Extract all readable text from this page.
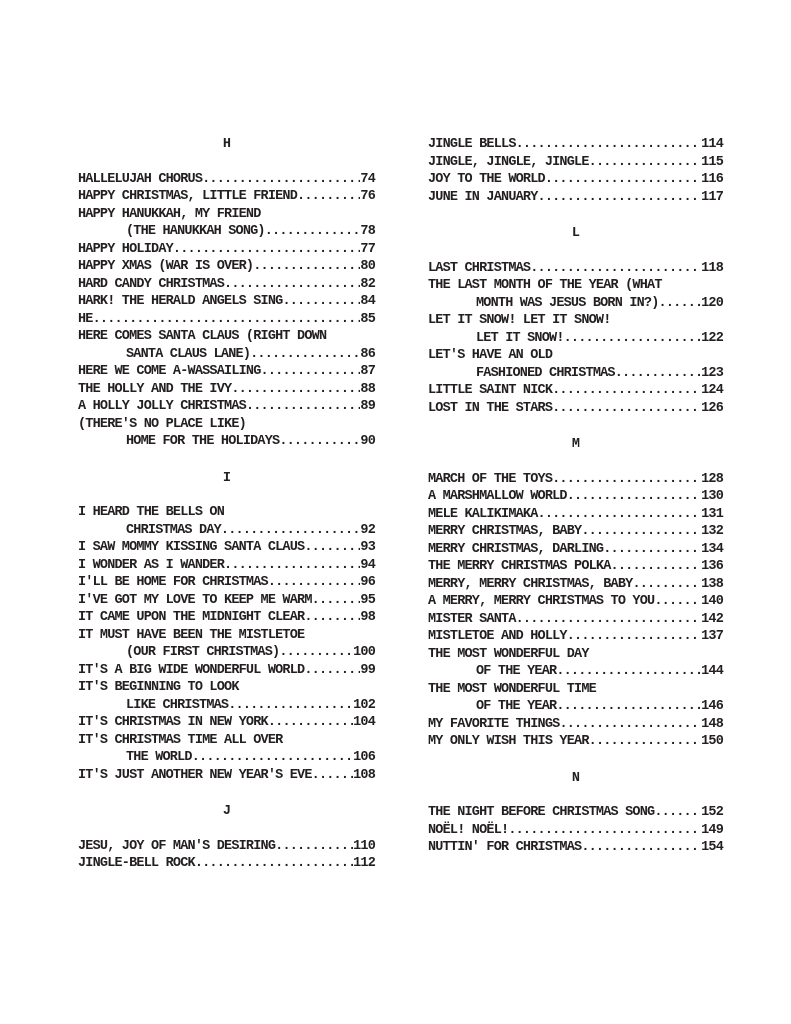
H
HALLELUJAH CHORUS .....	74
HAPPY CHRISTMAS, LITTLE FRIEND .....	76
HAPPY HANUKKAH, MY FRIEND
(THE HANUKKAH SONG) .....	78
HAPPY HOLIDAY .....	77
HAPPY XMAS (WAR IS OVER) .....	80
HARD CANDY CHRISTMAS .....	82
HARK! THE HERALD ANGELS SING .....	84
HE .....	85
HERE COMES SANTA CLAUS (RIGHT DOWN
SANTA CLAUS LANE) .....	86
HERE WE COME A-WASSAILING .....	87
THE HOLLY AND THE IVY .....	88
A HOLLY JOLLY CHRISTMAS .....	89
(THERE'S NO PLACE LIKE)
HOME FOR THE HOLIDAYS .....	90
I
I HEARD THE BELLS ON
CHRISTMAS DAY .....	92
I SAW MOMMY KISSING SANTA CLAUS .....	93
I WONDER AS I WANDER .....	94
I'LL BE HOME FOR CHRISTMAS .....	96
I'VE GOT MY LOVE TO KEEP ME WARM .....	95
IT CAME UPON THE MIDNIGHT CLEAR .....	98
IT MUST HAVE BEEN THE MISTLETOE
(OUR FIRST CHRISTMAS) .....	100
IT'S A BIG WIDE WONDERFUL WORLD .....	99
IT'S BEGINNING TO LOOK
LIKE CHRISTMAS .....	102
IT'S CHRISTMAS IN NEW YORK .....	104
IT'S CHRISTMAS TIME ALL OVER
THE WORLD .....	106
IT'S JUST ANOTHER NEW YEAR'S EVE .....	108
J
JESU, JOY OF MAN'S DESIRING .....	110
JINGLE-BELL ROCK .....	112
JINGLE BELLS .....	114
JINGLE, JINGLE, JINGLE .....	115
JOY TO THE WORLD .....	116
JUNE IN JANUARY .....	117
L
LAST CHRISTMAS .....	118
THE LAST MONTH OF THE YEAR (WHAT
MONTH WAS JESUS BORN IN?) .....	120
LET IT SNOW! LET IT SNOW!
LET IT SNOW! .....	122
LET'S HAVE AN OLD
FASHIONED CHRISTMAS .....	123
LITTLE SAINT NICK .....	124
LOST IN THE STARS .....	126
M
MARCH OF THE TOYS .....	128
A MARSHMALLOW WORLD .....	130
MELE KALIKIMAKA .....	131
MERRY CHRISTMAS, BABY .....	132
MERRY CHRISTMAS, DARLING .....	134
THE MERRY CHRISTMAS POLKA .....	136
MERRY, MERRY CHRISTMAS, BABY .....	138
A MERRY, MERRY CHRISTMAS TO YOU .....	140
MISTER SANTA .....	142
MISTLETOE AND HOLLY .....	137
THE MOST WONDERFUL DAY
OF THE YEAR .....	144
THE MOST WONDERFUL TIME
OF THE YEAR .....	146
MY FAVORITE THINGS .....	148
MY ONLY WISH THIS YEAR .....	150
N
THE NIGHT BEFORE CHRISTMAS SONG .....	152
NOËL! NOËL! .....	149
NUTTIN' FOR CHRISTMAS .....	154
